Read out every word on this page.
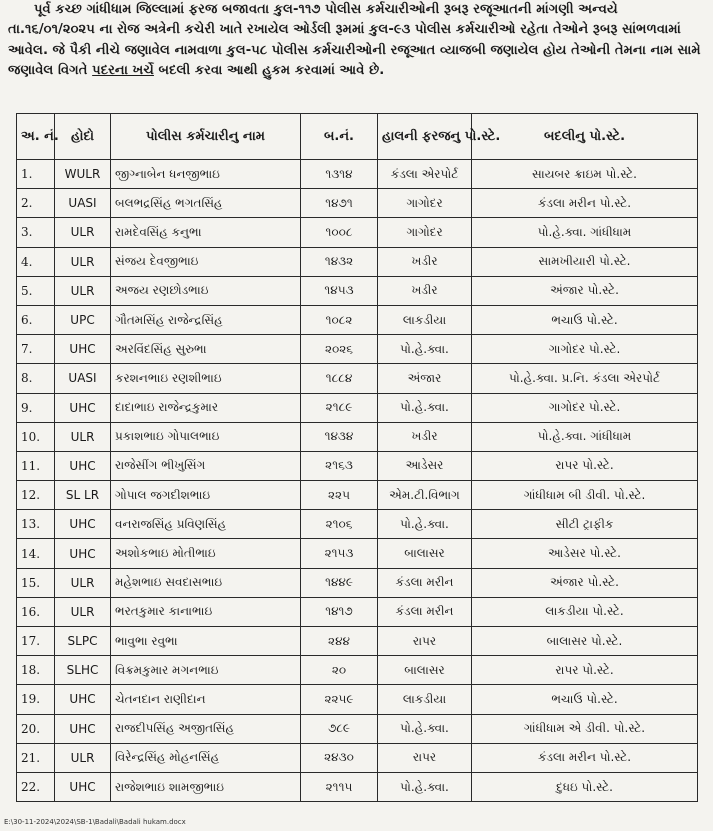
પૂર્વ કચ્છ ગાંધીધામ જિલ્લામાં ફરજ બજાવતા કુલ-૧૧૭ પોલીસ કર્મચારીઓની રૂબરૂ રજૂઆતની માંગણી અન્વયે તા.૧૬/૦૧/૨૦૨૫ ના રોજ અત્રેની કચેરી ખાતે રખાયેલ ઓર્ડલી રૂમમાં કુલ-૯૩ પોલીસ કર્મચારીઓ રહેતા તેઓને રૂબરૂ સાંભળવામાં આવેલ. જે પૈકી નીચે જણાવેલ નામવાળા કુલ-૫૮ પોલીસ કર્મચારીઓની રજૂઆત વ્યાજબી જણાયેલ હોય તેઓની તેમના નામ સામે જણાવેલ વિગતે પદરના ખર્ચે બદલી કરવા આથી હુકમ કરવામાં આવે છે.

અ. નં.	હોદો	પોલીસ કર્મચારીનુ નામ	બ.નં.	હાલની ફરજનુ પો.સ્ટે.	બદલીનુ પો.સ્ટે.
1.	WULR	જીગ્નાબેન ધનજીભાઇ	૧૩૧૪	કંડલા એરપોર્ટ	સાયબર ક્રાઇમ પો.સ્ટે.
2.	UASI	બલભદ્રસિંહ ભગતસિંહ	૧૪૭૧	ગાગોદર	કંડલા મરીન પો.સ્ટે.
3.	ULR	રામદેવસિંહ કનુભા	૧૦૦૮	ગાગોદર	પો.હે.ક્વા. ગાંધીધામ
4.	ULR	સંજય દેવજીભાઇ	૧૪૩૨	ખડીર	સામખીયારી પો.સ્ટે.
5.	ULR	અજય રણછોડભાઇ	૧૪૫૩	ખડીર	અંજાર પો.સ્ટે.
6.	UPC	ગૌતમસિંહ રાજેન્દ્રસિંહ	૧૦૮૨	લાકડીયા	ભચાઉ પો.સ્ટે.
7.	UHC	અરવિંદસિંહ સુરુભા	૨૦૨૬	પો.હે.ક્વા.	ગાગોદર પો.સ્ટે.
8.	UASI	કરશનભાઇ રણશીભાઇ	૧૮૮૪	અંજાર	પો.હે.ક્વા. પ્ર.નિ. કંડલા એરપોર્ટ
9.	UHC	દાદાભાઇ રાજેન્દ્રકુમાર	૨૧૮૯	પો.હે.ક્વા.	ગાગોદર પો.સ્ટે.
10.	ULR	પ્રકાશભાઇ ગોપાલભાઇ	૧૪૩૪	ખડીર	પો.હે.ક્વા. ગાંધીધામ
11.	UHC	રાજેસીંગ ભીખુસિંગ	૨૧૬૩	આડેસર	રાપર પો.સ્ટે.
12.	SL LR	ગોપાલ જગદીશભાઇ	૨૨૫	એમ.ટી.વિભાગ	ગાંધીધામ બી ડીવી. પો.સ્ટે.
13.	UHC	વનરાજસિંહ પ્રવિણસિંહ	૨૧૦૬	પો.હે.ક્વા.	સીટી ટ્રાફીક
14.	UHC	અશોકભાઇ મોતીભાઇ	૨૧૫૩	બાલાસર	આડેસર પો.સ્ટે.
15.	ULR	મહેશભાઇ સવદાસભાઇ	૧૪૪૯	કંડલા મરીન	અંજાર પો.સ્ટે.
16.	ULR	ભરતકુમાર કાનાભાઇ	૧૪૧૭	કંડલા મરીન	લાકડીયા પો.સ્ટે.
17.	SLPC	ભાવુભા રવુભા	૨૪૪	રાપર	બાલાસર પો.સ્ટે.
18.	SLHC	વિક્રમકુમાર મગનભાઇ	૨૦	બાલાસર	રાપર પો.સ્ટે.
19.	UHC	ચેતનદાન રાણીદાન	૨૨૫૯	લાકડીયા	ભચાઉ પો.સ્ટે.
20.	UHC	રાજદીપસિંહ અજીતસિંહ	૭૮૯	પો.હે.ક્વા.	ગાંધીધામ એ ડીવી. પો.સ્ટે.
21.	ULR	વિરેન્દ્રસિંહ મોહનસિંહ	૨૪૩૦	રાપર	કંડલા મરીન પો.સ્ટે.
22.	UHC	રાજેશભાઇ શામજીભાઇ	૨૧૧૫	પો.હે.ક્વા.	દુધઇ પો.સ્ટે.
E:\30-11-2024\2024\SB-1\Badali\Badali hukam.docx
